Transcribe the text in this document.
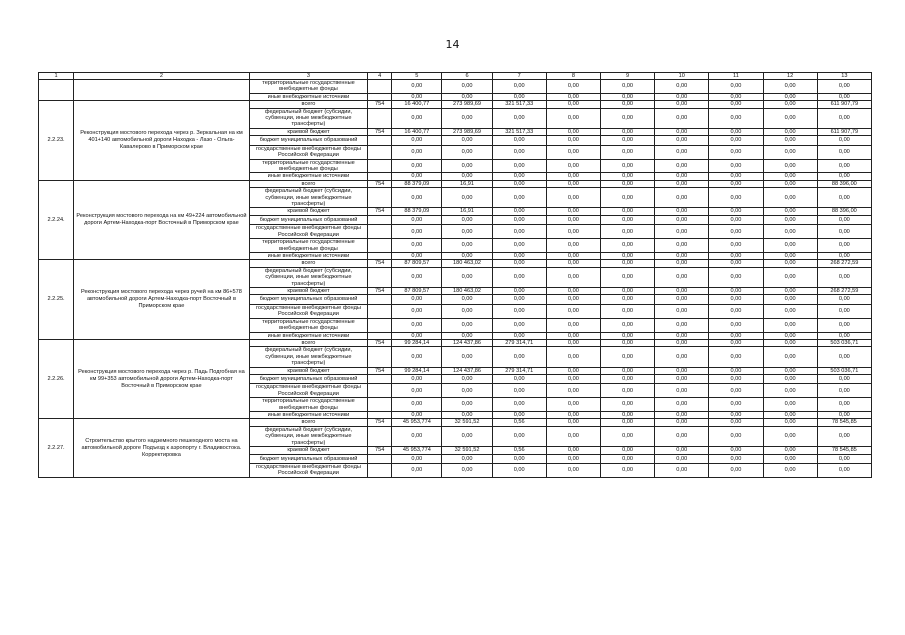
14
1	2	3	4	5	6	7	8	9	10	11	12	13
		территориальные государственные внебюджетные фонды		0,00	0,00	0,00	0,00	0,00	0,00	0,00	0,00	0,00
		иные внебюджетные источники		0,00	0,00	0,00	0,00	0,00	0,00	0,00	0,00	0,00
2.2.23.	Реконструкция мостового перехода через р. Зеркальная на км 401+140 автомобильной дороги Находка - Лазо - Ольга- Кавалерово в Приморском крае	всего	754	16 400,77	273 989,69	321 517,33	0,00	0,00	0,00	0,00	0,00	611 907,79
		федеральный бюджет (субсидии, субвенции, иные межбюджетные трансферты)		0,00	0,00	0,00	0,00	0,00	0,00	0,00	0,00	0,00
		краевой бюджет	754	16 400,77	273 989,69	321 517,33	0,00	0,00	0,00	0,00	0,00	611 907,79
		бюджет муниципальных образований		0,00	0,00	0,00	0,00	0,00	0,00	0,00	0,00	0,00
		государственные внебюджетные фонды Российской Федерации		0,00	0,00	0,00	0,00	0,00	0,00	0,00	0,00	0,00
		территориальные государственные внебюджетные фонды		0,00	0,00	0,00	0,00	0,00	0,00	0,00	0,00	0,00
		иные внебюджетные источники		0,00	0,00	0,00	0,00	0,00	0,00	0,00	0,00	0,00
2.2.24.	Реконструкция мостового перехода на км 49+224 автомобильной дороги Артем-Находка-порт Восточный в Приморском крае	всего	754	88 379,09	16,91	0,00	0,00	0,00	0,00	0,00	0,00	88 396,00
		федеральный бюджет (субсидии, субвенции, иные межбюджетные трансферты)		0,00	0,00	0,00	0,00	0,00	0,00	0,00	0,00	0,00
		краевой бюджет	754	88 379,09	16,91	0,00	0,00	0,00	0,00	0,00	0,00	88 396,00
		бюджет муниципальных образований		0,00	0,00	0,00	0,00	0,00	0,00	0,00	0,00	0,00
		государственные внебюджетные фонды Российской Федерации		0,00	0,00	0,00	0,00	0,00	0,00	0,00	0,00	0,00
		территориальные государственные внебюджетные фонды		0,00	0,00	0,00	0,00	0,00	0,00	0,00	0,00	0,00
		иные внебюджетные источники		0,00	0,00	0,00	0,00	0,00	0,00	0,00	0,00	0,00
2.2.25.	Реконструкция мостового перехода через ручей на км 86+578 автомобильной дороги Артем-Находка-порт Восточный в Приморском крае	всего	754	87 809,57	180 463,02	0,00	0,00	0,00	0,00	0,00	0,00	268 272,59
		федеральный бюджет (субсидии, субвенции, иные межбюджетные трансферты)		0,00	0,00	0,00	0,00	0,00	0,00	0,00	0,00	0,00
		краевой бюджет	754	87 809,57	180 463,02	0,00	0,00	0,00	0,00	0,00	0,00	268 272,59
		бюджет муниципальных образований		0,00	0,00	0,00	0,00	0,00	0,00	0,00	0,00	0,00
		государственные внебюджетные фонды Российской Федерации		0,00	0,00	0,00	0,00	0,00	0,00	0,00	0,00	0,00
		территориальные государственные внебюджетные фонды		0,00	0,00	0,00	0,00	0,00	0,00	0,00	0,00	0,00
		иные внебюджетные источники		0,00	0,00	0,00	0,00	0,00	0,00	0,00	0,00	0,00
2.2.26.	Реконструкция мостового перехода через р. Падь Подгобная на км 99+353 автомобильной дороги Артем-Находка-порт Восточный в Приморском крае	всего	754	99 284,14	124 437,86	279 314,71	0,00	0,00	0,00	0,00	0,00	503 036,71
		федеральный бюджет (субсидии, субвенции, иные межбюджетные трансферты)		0,00	0,00	0,00	0,00	0,00	0,00	0,00	0,00	0,00
		краевой бюджет	754	99 284,14	124 437,86	279 314,71	0,00	0,00	0,00	0,00	0,00	503 036,71
		бюджет муниципальных образований		0,00	0,00	0,00	0,00	0,00	0,00	0,00	0,00	0,00
		государственные внебюджетные фонды Российской Федерации		0,00	0,00	0,00	0,00	0,00	0,00	0,00	0,00	0,00
		территориальные государственные внебюджетные фонды		0,00	0,00	0,00	0,00	0,00	0,00	0,00	0,00	0,00
		иные внебюджетные источники		0,00	0,00	0,00	0,00	0,00	0,00	0,00	0,00	0,00
2.2.27.	Строительство крытого надземного пешеходного моста на автомобильной дороге Подъезд к аэропорту г. Владивостока. Корректировка	всего	754	45 953,774	32 591,52	0,56	0,00	0,00	0,00	0,00	0,00	78 545,85
		федеральный бюджет (субсидии, субвенции, иные межбюджетные трансферты)		0,00	0,00	0,00	0,00	0,00	0,00	0,00	0,00	0,00
		краевой бюджет	754	45 953,774	32 591,52	0,56	0,00	0,00	0,00	0,00	0,00	78 545,85
		бюджет муниципальных образований		0,00	0,00	0,00	0,00	0,00	0,00	0,00	0,00	0,00
		государственные внебюджетные фонды Российской Федерации		0,00	0,00	0,00	0,00	0,00	0,00	0,00	0,00	0,00
